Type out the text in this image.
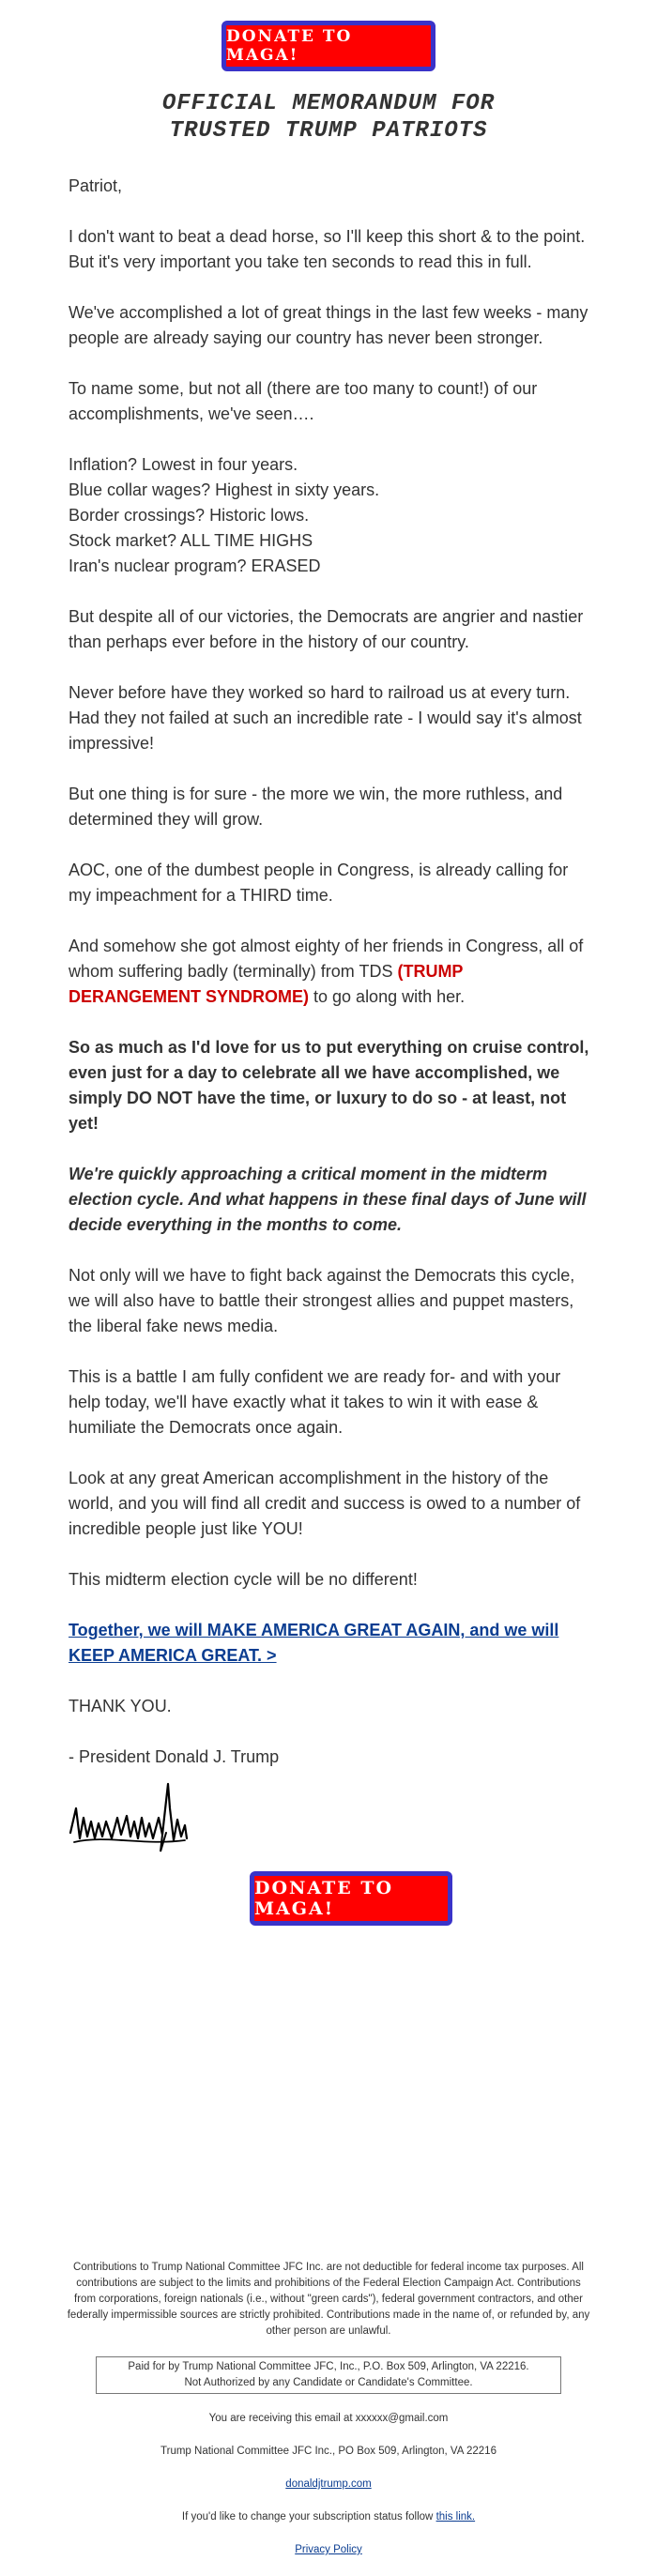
DONATE TO MAGA!
OFFICIAL MEMORANDUM FOR
TRUSTED TRUMP PATRIOTS

Patriot,

I don't want to beat a dead horse, so I'll keep this short & to the point. But it's very important you take ten seconds to read this in full.

We've accomplished a lot of great things in the last few weeks - many people are already saying our country has never been stronger.

To name some, but not all (there are too many to count!) of our accomplishments, we've seen….

Inflation? Lowest in four years.
Blue collar wages? Highest in sixty years.
Border crossings? Historic lows.
Stock market? ALL TIME HIGHS
Iran's nuclear program? ERASED

But despite all of our victories, the Democrats are angrier and nastier than perhaps ever before in the history of our country.

Never before have they worked so hard to railroad us at every turn. Had they not failed at such an incredible rate - I would say it's almost impressive!

But one thing is for sure - the more we win, the more ruthless, and determined they will grow.

AOC, one of the dumbest people in Congress, is already calling for my impeachment for a THIRD time.

And somehow she got almost eighty of her friends in Congress, all of whom suffering badly (terminally) from TDS (TRUMP DERANGEMENT SYNDROME) to go along with her.

So as much as I'd love for us to put everything on cruise control, even just for a day to celebrate all we have accomplished, we simply DO NOT have the time, or luxury to do so - at least, not yet!

We're quickly approaching a critical moment in the midterm election cycle. And what happens in these final days of June will decide everything in the months to come.

Not only will we have to fight back against the Democrats this cycle, we will also have to battle their strongest allies and puppet masters, the liberal fake news media.

This is a battle I am fully confident we are ready for- and with your help today, we'll have exactly what it takes to win it with ease & humiliate the Democrats once again.

Look at any great American accomplishment in the history of the world, and you will find all credit and success is owed to a number of incredible people just like YOU!

This midterm election cycle will be no different!

Together, we will MAKE AMERICA GREAT AGAIN, and we will KEEP AMERICA GREAT. >

THANK YOU.

- President Donald J. Trump

DONATE TO MAGA!
Contributions to Trump National Committee JFC Inc. are not deductible for federal income tax purposes. All contributions are subject to the limits and prohibitions of the Federal Election Campaign Act. Contributions from corporations, foreign nationals (i.e., without "green cards"), federal government contractors, and other federally impermissible sources are strictly prohibited. Contributions made in the name of, or refunded by, any other person are unlawful.
Paid for by Trump National Committee JFC, Inc., P.O. Box 509, Arlington, VA 22216.
Not Authorized by any Candidate or Candidate's Committee.
You are receiving this email at xxxxxx@gmail.com
Trump National Committee JFC Inc., PO Box 509, Arlington, VA 22216
donaldjtrump.com
If you'd like to change your subscription status follow this link.
Privacy Policy
